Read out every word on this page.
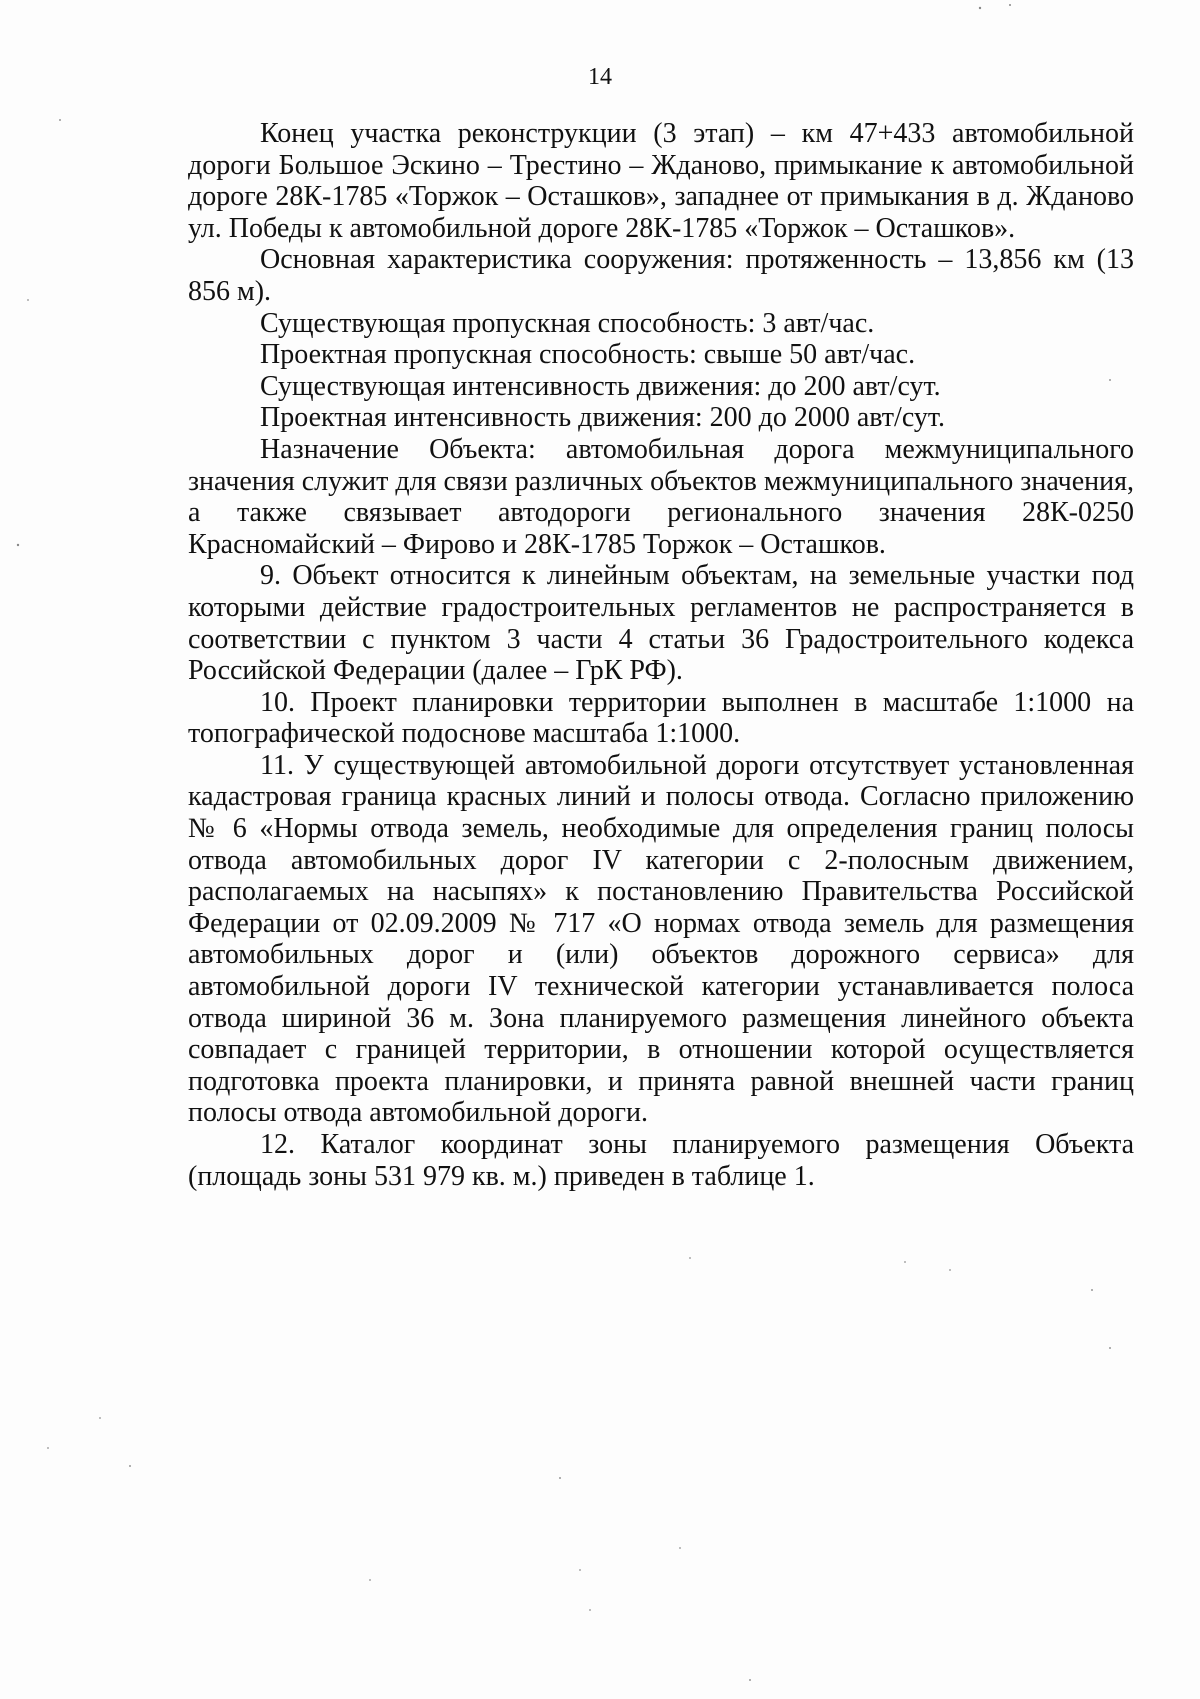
14

Конец участка реконструкции (3 этап) – км 47+433 автомобильной дороги Большое Эскино – Трестино – Жданово, примыкание к автомобильной дороге 28К-1785 «Торжок – Осташков», западнее от примыкания в д. Жданово ул. Победы к автомобильной дороге 28К-1785 «Торжок – Осташков».

Основная характеристика сооружения: протяженность – 13,856 км (13 856 м).

Существующая пропускная способность: 3 авт/час.

Проектная пропускная способность: свыше 50 авт/час.

Существующая интенсивность движения: до 200 авт/сут.

Проектная интенсивность движения: 200 до 2000 авт/сут.

Назначение Объекта: автомобильная дорога межмуниципального значения служит для связи различных объектов межмуниципального значения, а также связывает автодороги регионального значения 28К-0250 Красномайский – Фирово и 28К-1785 Торжок – Осташков.

9. Объект относится к линейным объектам, на земельные участки под которыми действие градостроительных регламентов не распространяется в соответствии с пунктом 3 части 4 статьи 36 Градостроительного кодекса Российской Федерации (далее – ГрК РФ).

10. Проект планировки территории выполнен в масштабе 1:1000 на топографической подоснове масштаба 1:1000.

11. У существующей автомобильной дороги отсутствует установленная кадастровая граница красных линий и полосы отвода. Согласно приложению № 6 «Нормы отвода земель, необходимые для определения границ полосы отвода автомобильных дорог IV категории с 2-полосным движением, располагаемых на насыпях» к постановлению Правительства Российской Федерации от 02.09.2009 № 717 «О нормах отвода земель для размещения автомобильных дорог и (или) объектов дорожного сервиса» для автомобильной дороги IV технической категории устанавливается полоса отвода шириной 36 м. Зона планируемого размещения линейного объекта совпадает с границей территории, в отношении которой осуществляется подготовка проекта планировки, и принята равной внешней части границ полосы отвода автомобильной дороги.

12. Каталог координат зоны планируемого размещения Объекта (площадь зоны 531 979 кв. м.) приведен в таблице 1.
